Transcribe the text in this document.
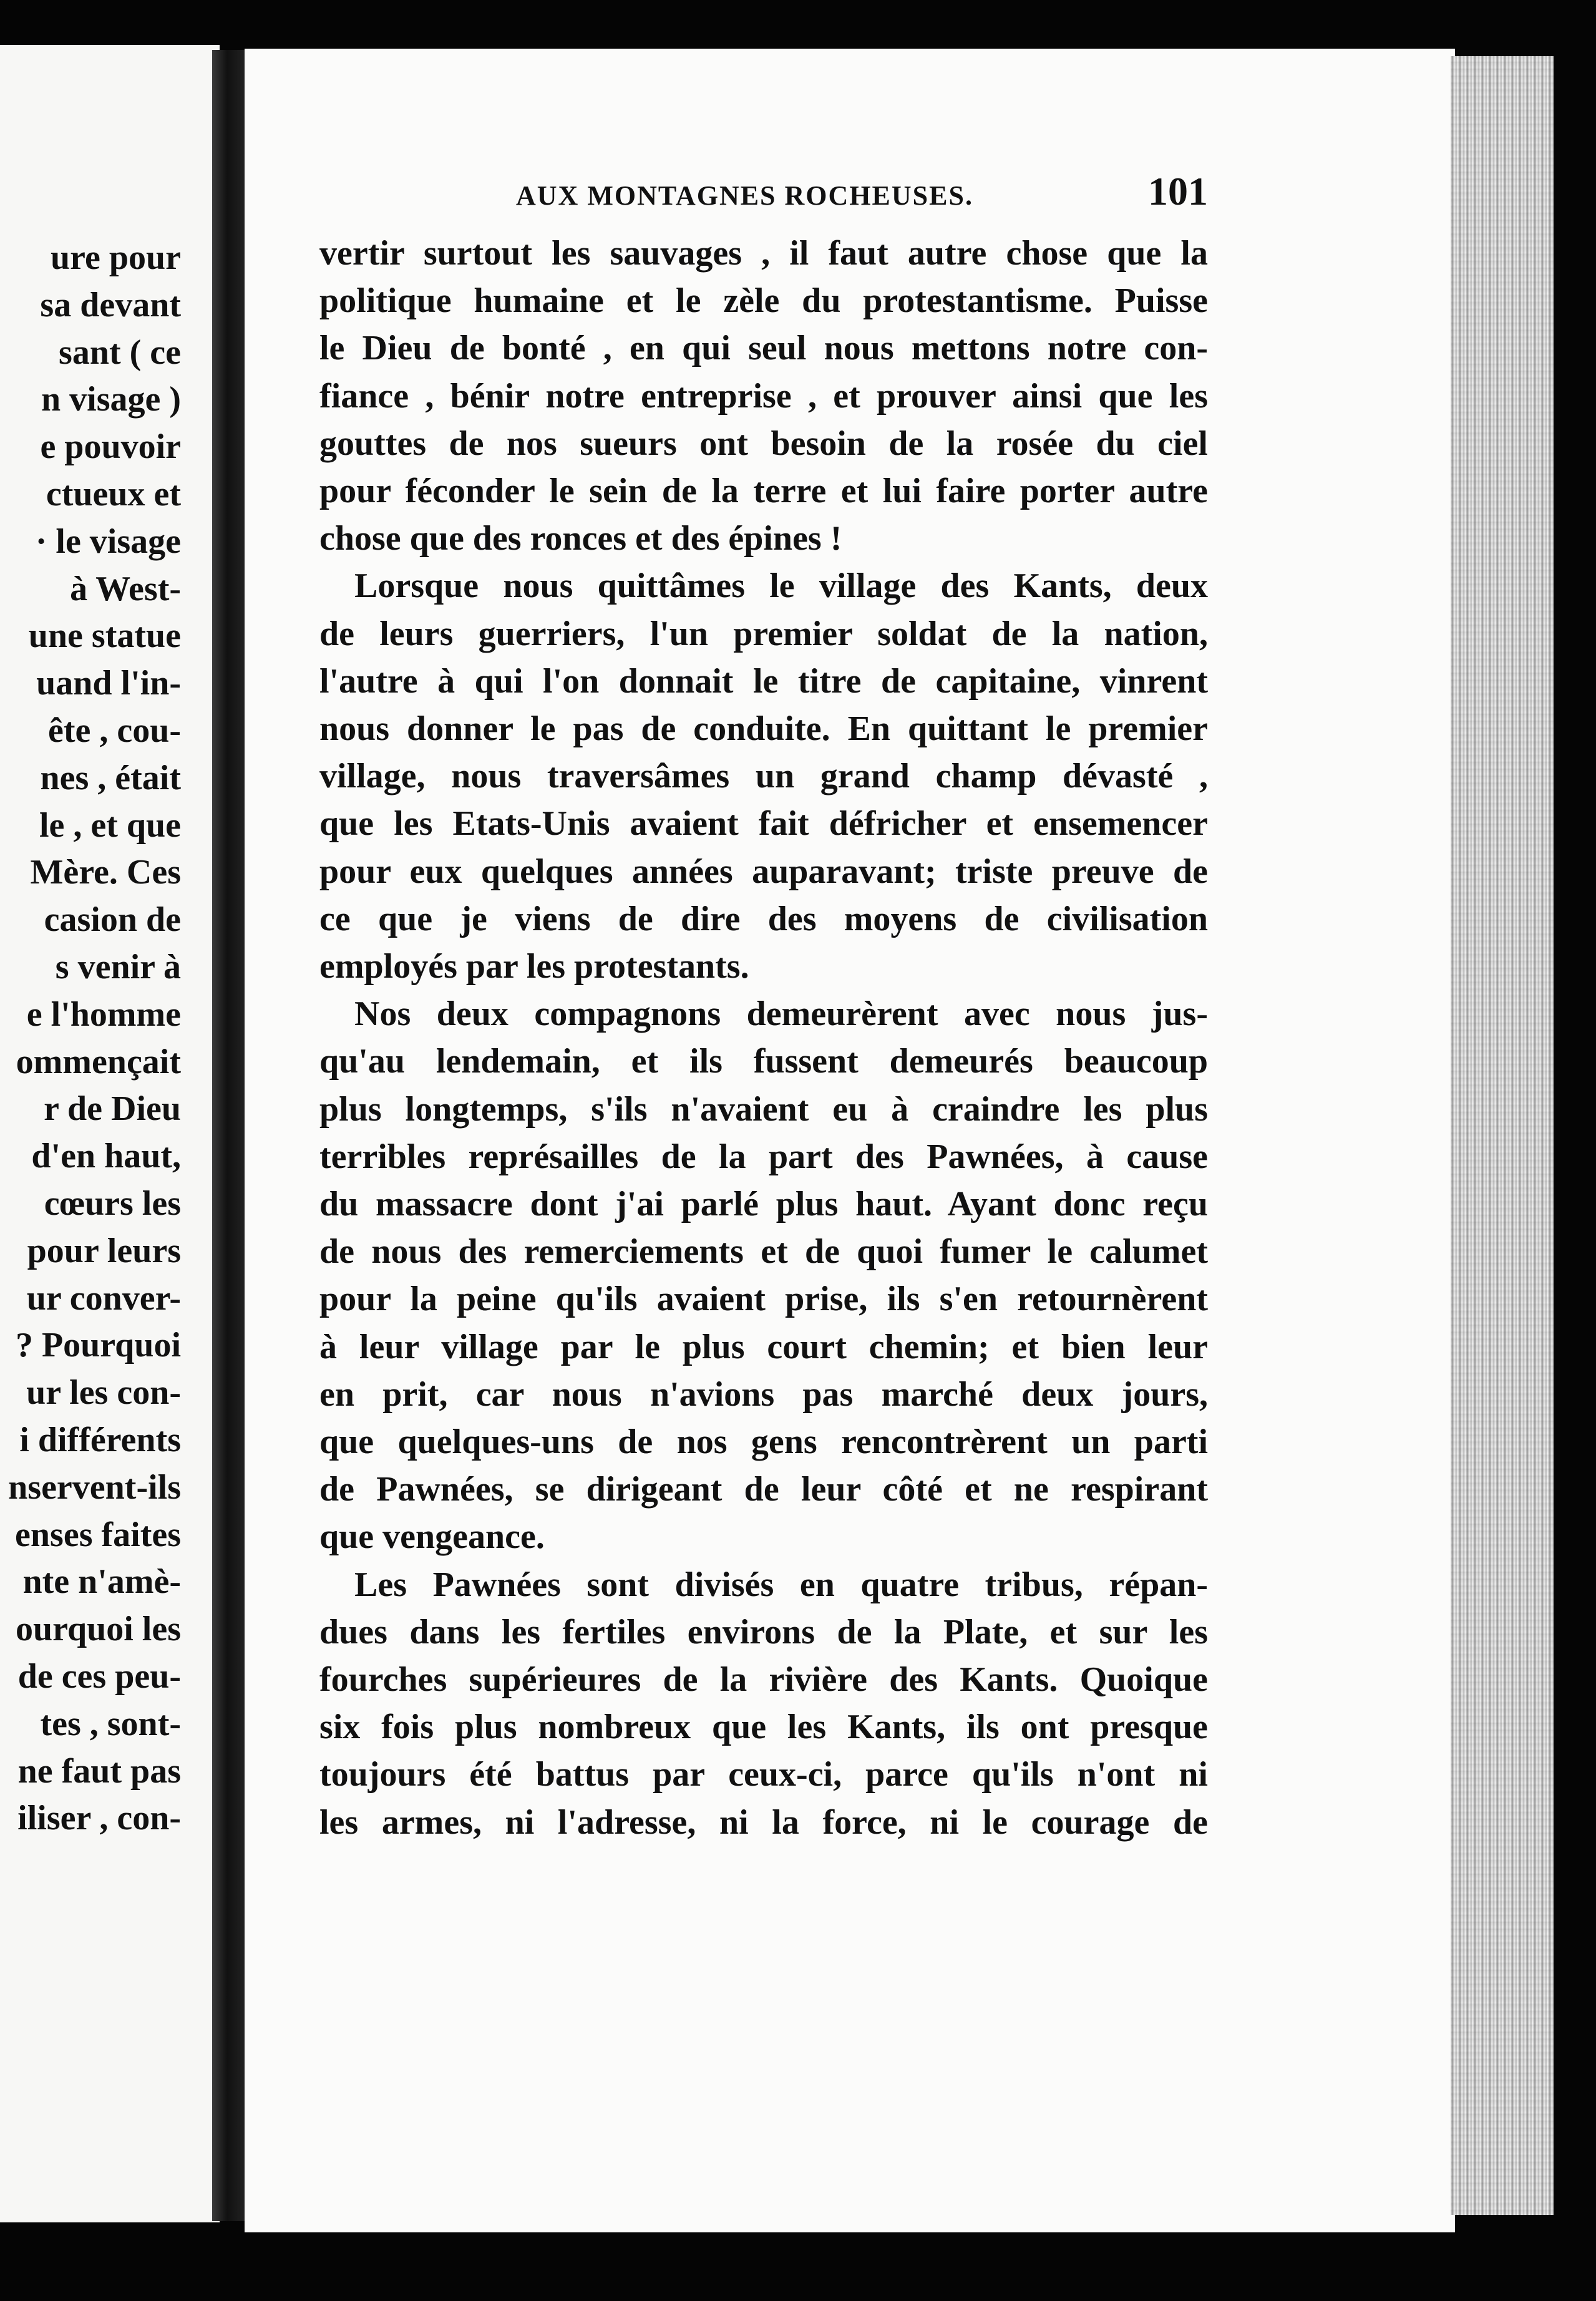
ure pour
sa devant
sant ( ce
n visage )
e pouvoir
ctueux et
· le visage
à West-
une statue
uand l'in-
ête , cou-
nes , était
le , et que
Mère. Ces
casion de
s venir à
e l'homme
ommençait
r de Dieu
d'en haut,
cœurs les
pour leurs
ur conver-
? Pourquoi
ur les con-
i différents
nservent-ils
enses faites
nte n'amè-
ourquoi les
de ces peu-
tes , sont-
ne faut pas
iliser , con-
AUX MONTAGNES ROCHEUSES.	101
vertir surtout les sauvages , il faut autre chose que la
politique humaine et le zèle du protestantisme. Puisse
le Dieu de bonté , en qui seul nous mettons notre con-
fiance , bénir notre entreprise , et prouver ainsi que les
gouttes de nos sueurs ont besoin de la rosée du ciel
pour féconder le sein de la terre et lui faire porter autre
chose que des ronces et des épines !
Lorsque nous quittâmes le village des Kants, deux
de leurs guerriers, l'un premier soldat de la nation,
l'autre à qui l'on donnait le titre de capitaine, vinrent
nous donner le pas de conduite. En quittant le premier
village, nous traversâmes un grand champ dévasté ,
que les Etats-Unis avaient fait défricher et ensemencer
pour eux quelques années auparavant; triste preuve de
ce que je viens de dire des moyens de civilisation
employés par les protestants.
Nos deux compagnons demeurèrent avec nous jus-
qu'au lendemain, et ils fussent demeurés beaucoup
plus longtemps, s'ils n'avaient eu à craindre les plus
terribles représailles de la part des Pawnées, à cause
du massacre dont j'ai parlé plus haut. Ayant donc reçu
de nous des remerciements et de quoi fumer le calumet
pour la peine qu'ils avaient prise, ils s'en retournèrent
à leur village par le plus court chemin; et bien leur
en prit, car nous n'avions pas marché deux jours,
que quelques-uns de nos gens rencontrèrent un parti
de Pawnées, se dirigeant de leur côté et ne respirant
que vengeance.
Les Pawnées sont divisés en quatre tribus, répan-
dues dans les fertiles environs de la Plate, et sur les
fourches supérieures de la rivière des Kants. Quoique
six fois plus nombreux que les Kants, ils ont presque
toujours été battus par ceux-ci, parce qu'ils n'ont ni
les armes, ni l'adresse, ni la force, ni le courage de
